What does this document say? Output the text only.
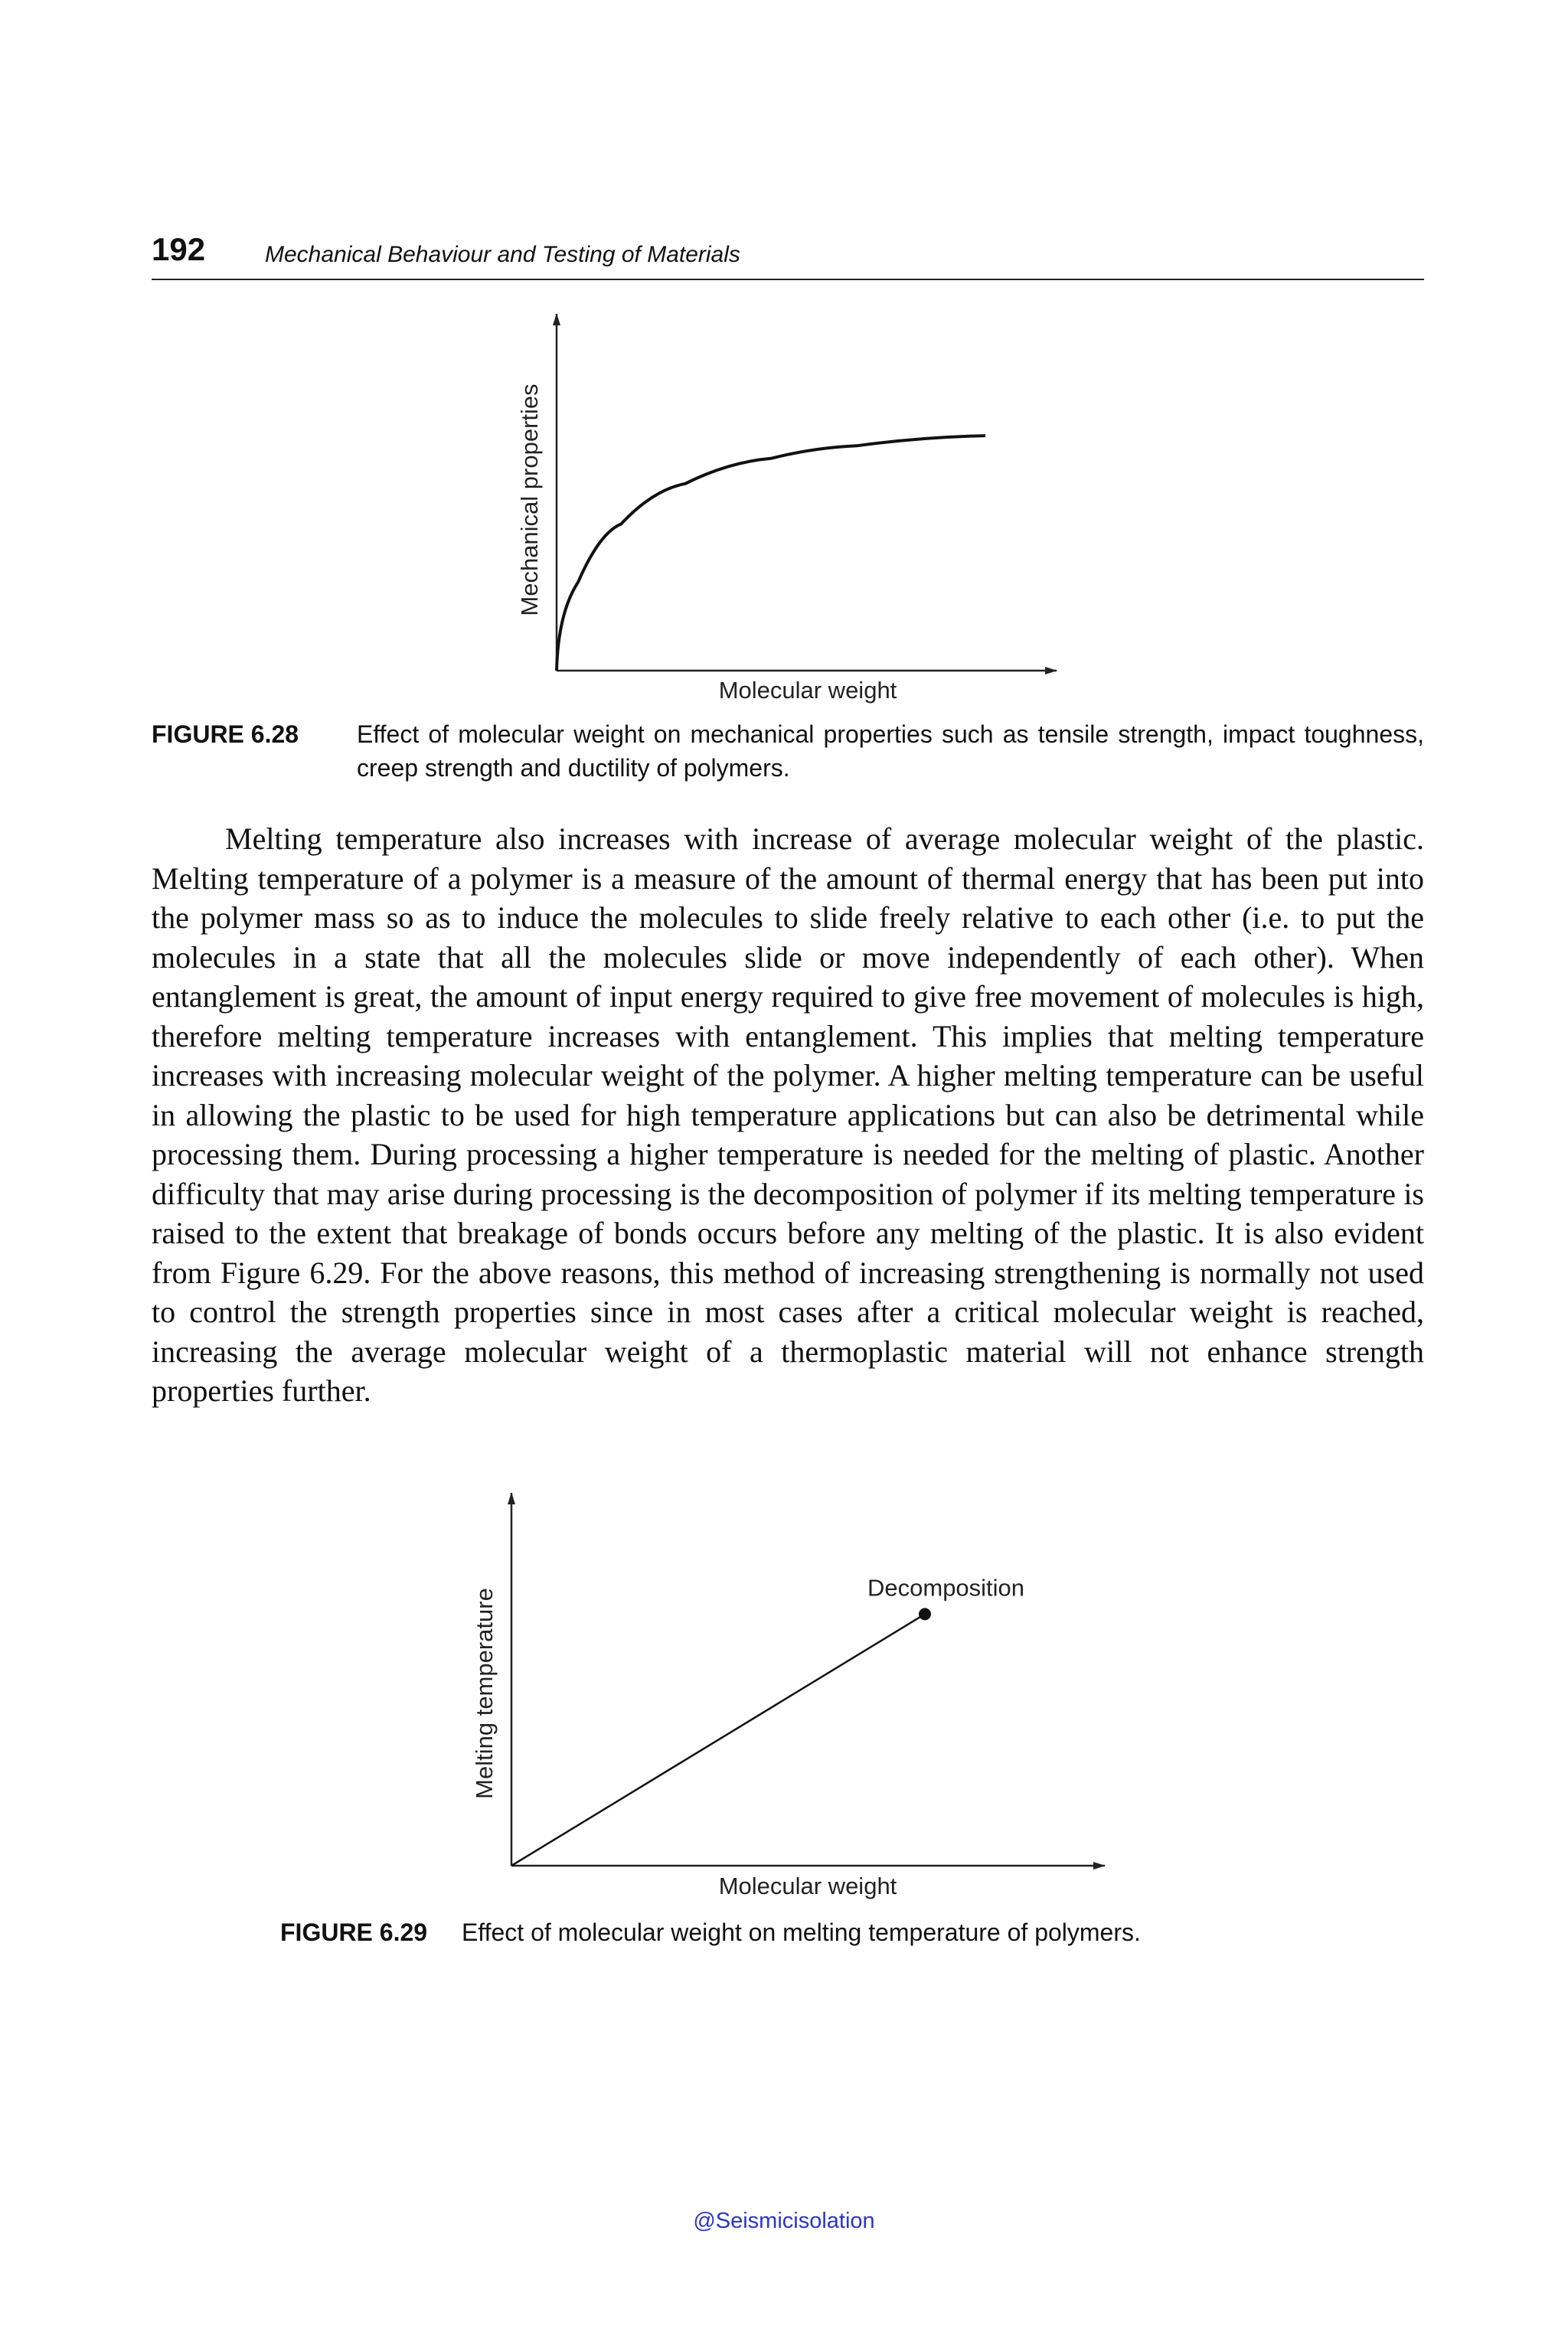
192	Mechanical Behaviour and Testing of Materials
Molecular weight
Mechanical properties
Decomposition
Molecular weight
Melting temperature
FIGURE 6.28	Effect of molecular weight on mechanical properties such as tensile strength, impact toughness, creep strength and ductility of polymers.

Melting temperature also increases with increase of average molecular weight of the plastic. Melting temperature of a polymer is a measure of the amount of thermal energy that has been put into the polymer mass so as to induce the molecules to slide freely relative to each other (i.e. to put the molecules in a state that all the molecules slide or move independently of each other). When entanglement is great, the amount of input energy required to give free movement of molecules is high, therefore melting temperature increases with entanglement. This implies that melting temperature increases with increasing molecular weight of the polymer. A higher melting temperature can be useful in allowing the plastic to be used for high temperature applications but can also be detrimental while processing them. During processing a higher temperature is needed for the melting of plastic. Another difficulty that may arise during processing is the decomposition of polymer if its melting temperature is raised to the extent that breakage of bonds occurs before any melting of the plastic. It is also evident from Figure 6.29. For the above reasons, this method of increasing strengthening is normally not used to control the strength properties since in most cases after a critical molecular weight is reached, increasing the average molecular weight of a thermoplastic material will not enhance strength properties further.

FIGURE 6.29 Effect of molecular weight on melting temperature of polymers.
@Seismicisolation
